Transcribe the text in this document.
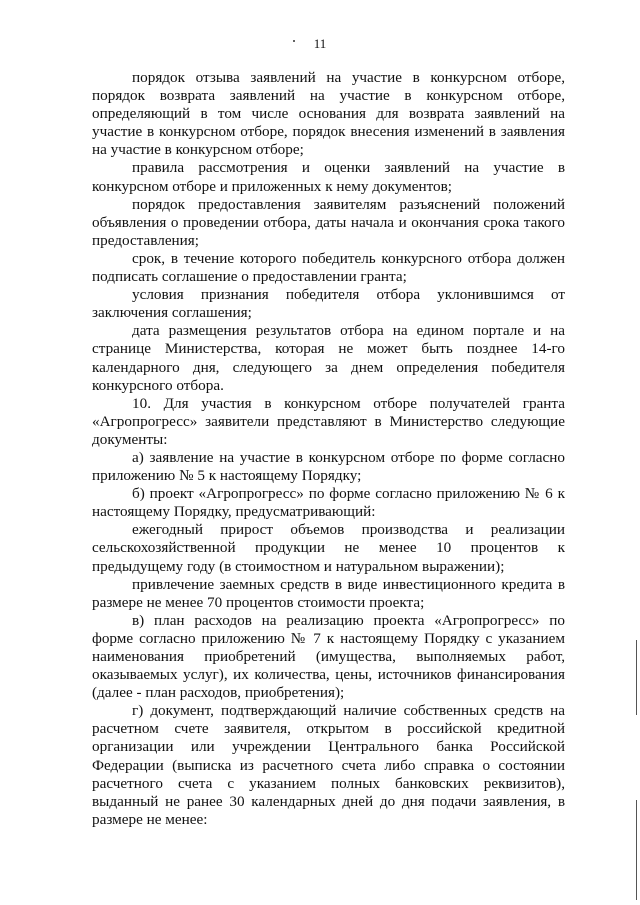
11

порядок отзыва заявлений на участие в конкурсном отборе, порядок возврата заявлений на участие в конкурсном отборе, определяющий в том числе основания для возврата заявлений на участие в конкурсном отборе, порядок внесения изменений в заявления на участие в конкурсном отборе;

правила рассмотрения и оценки заявлений на участие в конкурсном отборе и приложенных к нему документов;

порядок предоставления заявителям разъяснений положений объявления о проведении отбора, даты начала и окончания срока такого предоставления;

срок, в течение которого победитель конкурсного отбора должен подписать соглашение о предоставлении гранта;

условия признания победителя отбора уклонившимся от заключения соглашения;

дата размещения результатов отбора на едином портале и на странице Министерства, которая не может быть позднее 14-го календарного дня, следующего за днем определения победителя конкурсного отбора.

10. Для участия в конкурсном отборе получателей гранта «Агропрогресс» заявители представляют в Министерство следующие документы:

а) заявление на участие в конкурсном отборе по форме согласно приложению № 5 к настоящему Порядку;

б) проект «Агропрогресс» по форме согласно приложению № 6 к настоящему Порядку, предусматривающий:

ежегодный прирост объемов производства и реализации сельскохозяйственной продукции не менее 10 процентов к предыдущему году (в стоимостном и натуральном выражении);

привлечение заемных средств в виде инвестиционного кредита в размере не менее 70 процентов стоимости проекта;

в) план расходов на реализацию проекта «Агропрогресс» по форме согласно приложению № 7 к настоящему Порядку с указанием наименования приобретений (имущества, выполняемых работ, оказываемых услуг), их количества, цены, источников финансирования (далее - план расходов, приобретения);

г) документ, подтверждающий наличие собственных средств на расчетном счете заявителя, открытом в российской кредитной организации или учреждении Центрального банка Российской Федерации (выписка из расчетного счета либо справка о состоянии расчетного счета с указанием полных банковских реквизитов), выданный не ранее 30 календарных дней до дня подачи заявления, в размере не менее:
